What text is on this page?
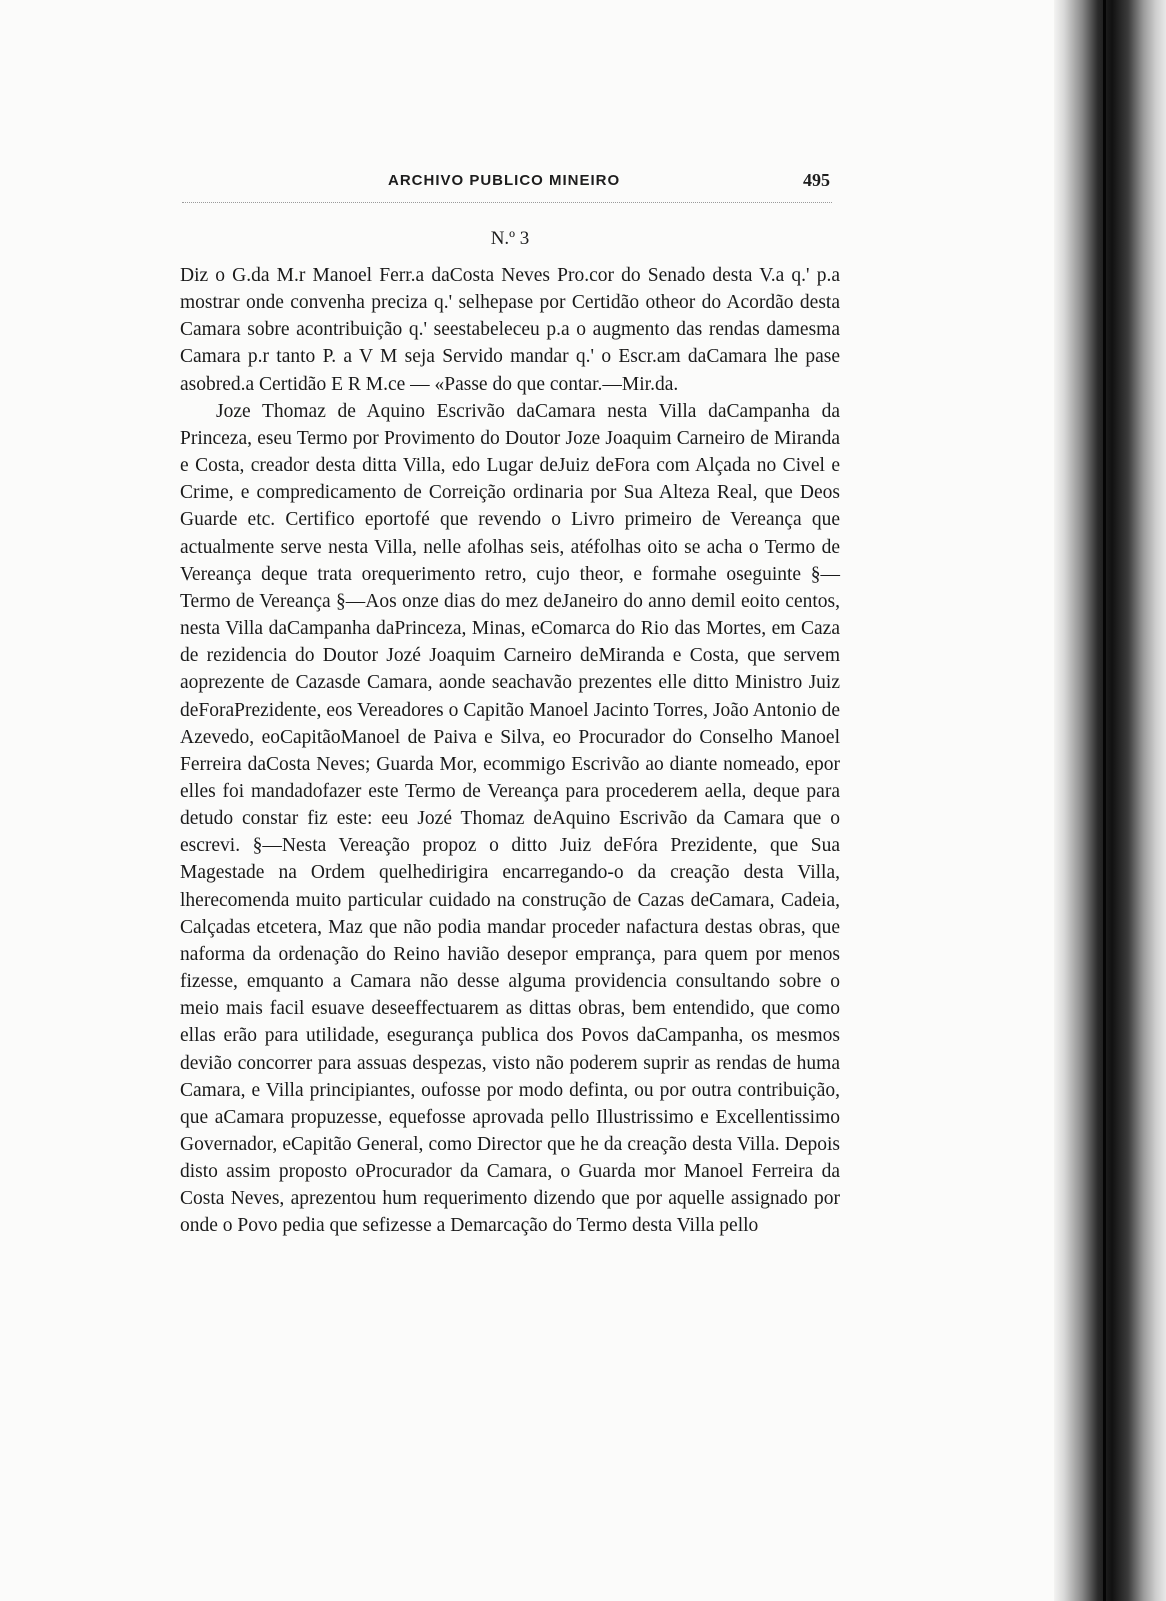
ARCHIVO PUBLICO MINEIRO	495
N.º 3

Diz o G.da M.r Manoel Ferr.a daCosta Neves Pro.cor do Senado desta V.a q.' p.a mostrar onde convenha preciza q.' selhepase por Certidão otheor do Acordão desta Camara sobre acontribuição q.' seestabeleceu p.a o augmento das rendas damesma Camara p.r tanto P. a V M seja Servido mandar q.' o Escr.am daCamara lhe pase asobred.a Certidão E R M.ce — «Passe do que contar.—Mir.da.

Joze Thomaz de Aquino Escrivão daCamara nesta Villa daCampanha da Princeza, eseu Termo por Provimento do Doutor Joze Joaquim Carneiro de Miranda e Costa, creador desta ditta Villa, edo Lugar deJuiz deFora com Alçada no Civel e Crime, e compredicamento de Correição ordinaria por Sua Alteza Real, que Deos Guarde etc. Certifico eportofé que revendo o Livro primeiro de Vereança que actualmente serve nesta Villa, nelle afolhas seis, atéfolhas oito se acha o Termo de Vereança deque trata orequerimento retro, cujo theor, e formahe oseguinte §—Termo de Vereança §—Aos onze dias do mez deJaneiro do anno demil eoito centos, nesta Villa daCampanha daPrinceza, Minas, eComarca do Rio das Mortes, em Caza de rezidencia do Doutor Jozé Joaquim Carneiro deMiranda e Costa, que servem aoprezente de Cazasde Camara, aonde seachavão prezentes elle ditto Ministro Juiz deForaPrezidente, eos Vereadores o Capitão Manoel Jacinto Torres, João Antonio de Azevedo, eoCapitãoManoel de Paiva e Silva, eo Procurador do Conselho Manoel Ferreira daCosta Neves; Guarda Mor, ecommigo Escrivão ao diante nomeado, epor elles foi mandadofazer este Termo de Vereança para procederem aella, deque para detudo constar fiz este: eeu Jozé Thomaz deAquino Escrivão da Camara que o escrevi. §—Nesta Vereação propoz o ditto Juiz deFóra Prezidente, que Sua Magestade na Ordem quelhedirigira encarregando-o da creação desta Villa, lherecomenda muito particular cuidado na construção de Cazas deCamara, Cadeia, Calçadas etcetera, Maz que não podia mandar proceder nafactura destas obras, que naforma da ordenação do Reino havião desepor emprança, para quem por menos fizesse, emquanto a Camara não desse alguma providencia consultando sobre o meio mais facil esuave deseeffectuarem as dittas obras, bem entendido, que como ellas erão para utilidade, esegurança publica dos Povos daCampanha, os mesmos devião concorrer para assuas despezas, visto não poderem suprir as rendas de huma Camara, e Villa principiantes, oufosse por modo definta, ou por outra contribuição, que aCamara propuzesse, equefosse aprovada pello Illustrissimo e Excellentissimo Governador, eCapitão General, como Director que he da creação desta Villa. Depois disto assim proposto oProcurador da Camara, o Guarda mor Manoel Ferreira da Costa Neves, aprezentou hum requerimento dizendo que por aquelle assignado por onde o Povo pedia que sefizesse a Demarcação do Termo desta Villa pello
